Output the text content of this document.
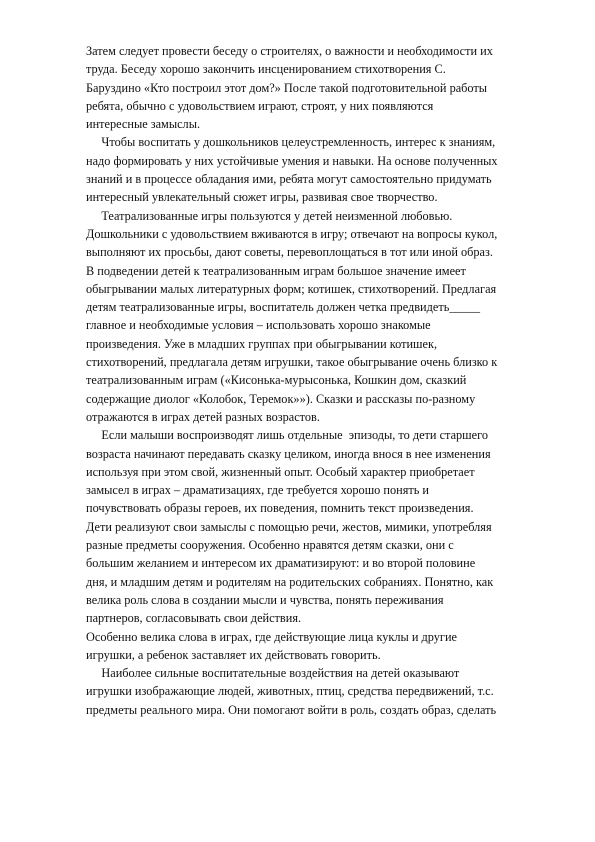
Затем следует провести беседу о строителях, о важности и необходимости их
труда. Беседу хорошо закончить инсценированием стихотворения С.
Баруздино «Кто построил этот дом?» После такой подготовительной работы
ребята, обычно с удовольствием играют, строят, у них появляются
интересные замыслы.
Чтобы воспитать у дошкольников целеустремленность, интерес к знаниям,
надо формировать у них устойчивые умения и навыки. На основе полученных
знаний и в процессе обладания ими, ребята могут самостоятельно придумать
интересный увлекательный сюжет игры, развивая свое творчество.
Театрализованные игры пользуются у детей неизменной любовью.
Дошкольники с удовольствием вживаются в игру; отвечают на вопросы кукол,
выполняют их просьбы, дают советы, перевоплощаться в тот или иной образ.
В подведении детей к театрализованным играм большое значение имеет
обыгрывании малых литературных форм; котишек, стихотворений. Предлагая
детям театрализованные игры, воспитатель должен четка предвидеть_____
главное и необходимые условия – использовать хорошо знакомые
произведения. Уже в младших группах при обыгрывании котишек,
стихотворений, предлагала детям игрушки, такое обыгрывание очень близко к
театрализованным играм («Кисонька-мурысонька, Кошкин дом, сказкий
содержащие диолог «Колобок, Теремок»»). Сказки и рассказы по-разному
отражаются в играх детей разных возрастов.
Если малыши воспроизводят лишь отдельные  эпизоды, то дети старшего
возраста начинают передавать сказку целиком, иногда внося в нее изменения
используя при этом свой, жизненный опыт. Особый характер приобретает
замысел в играх – драматизациях, где требуется хорошо понять и
почувствовать образы героев, их поведения, помнить текст произведения.
Дети реализуют свои замыслы с помощью речи, жестов, мимики, употребляя
разные предметы сооружения. Особенно нравятся детям сказки, они с
большим желанием и интересом их драматизируют: и во второй половине
дня, и младшим детям и родителям на родительских собраниях. Понятно, как
велика роль слова в создании мысли и чувства, понять переживания
партнеров, согласовывать свои действия.
Особенно велика слова в играх, где действующие лица куклы и другие
игрушки, а ребенок заставляет их действовать говорить.
Наиболее сильные воспитательные воздействия на детей оказывают
игрушки изображающие людей, животных, птиц, средства передвижений, т.с.
предметы реального мира. Они помогают войти в роль, создать образ, сделать
